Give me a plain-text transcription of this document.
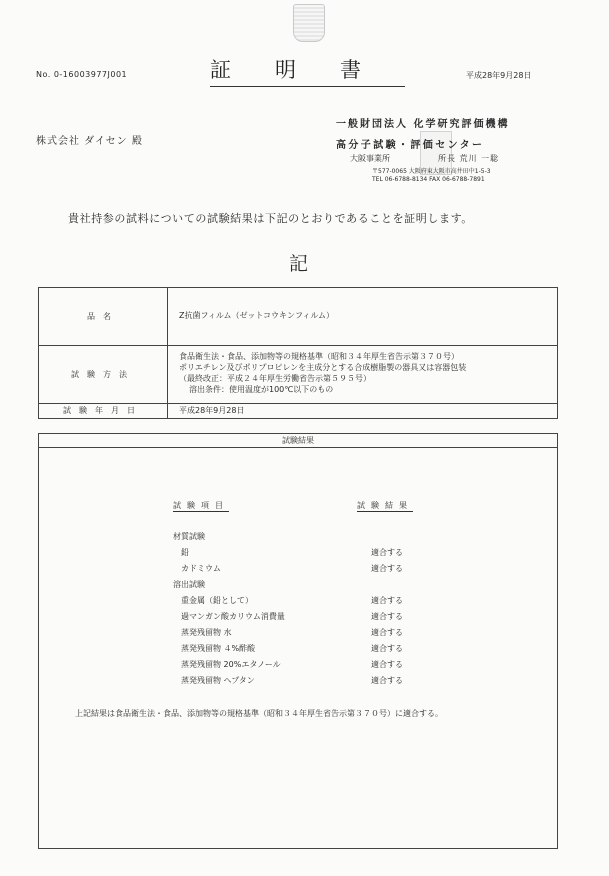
No. 0-16003977J001	証明書	平成28年9月28日
株式会社 ダイセン 殿
一般財団法人 化学研究評価機構
高分子試験・評価センター
大阪事業所	所長 荒川 一聡
〒577-0065 大阪府東大阪市高井田中1-5-3
TEL 06-6788-8134 FAX 06-6788-7891
貴社持参の試料についての試験結果は下記のとおりであることを証明します。
記
品名	Z抗菌フィルム（ゼットコウキンフィルム）
試験方法
食品衛生法・食品、添加物等の規格基準（昭和３４年厚生省告示第３７０号）
ポリエチレン及びポリプロピレンを主成分とする合成樹脂製の器具又は容器包装
（最終改正：平成２４年厚生労働省告示第５９５号）
溶出条件：使用温度が100℃以下のもの
試験年月日	平成28年9月28日
試験結果
試験項目	試験結果
材質試験
鉛	適合する
カドミウム	適合する
溶出試験
重金属（鉛として）	適合する
過マンガン酸カリウム消費量	適合する
蒸発残留物 水	適合する
蒸発残留物 ４%酢酸	適合する
蒸発残留物 20%エタノール	適合する
蒸発残留物 ヘプタン	適合する
上記結果は食品衛生法・食品、添加物等の規格基準（昭和３４年厚生省告示第３７０号）に適合する。
